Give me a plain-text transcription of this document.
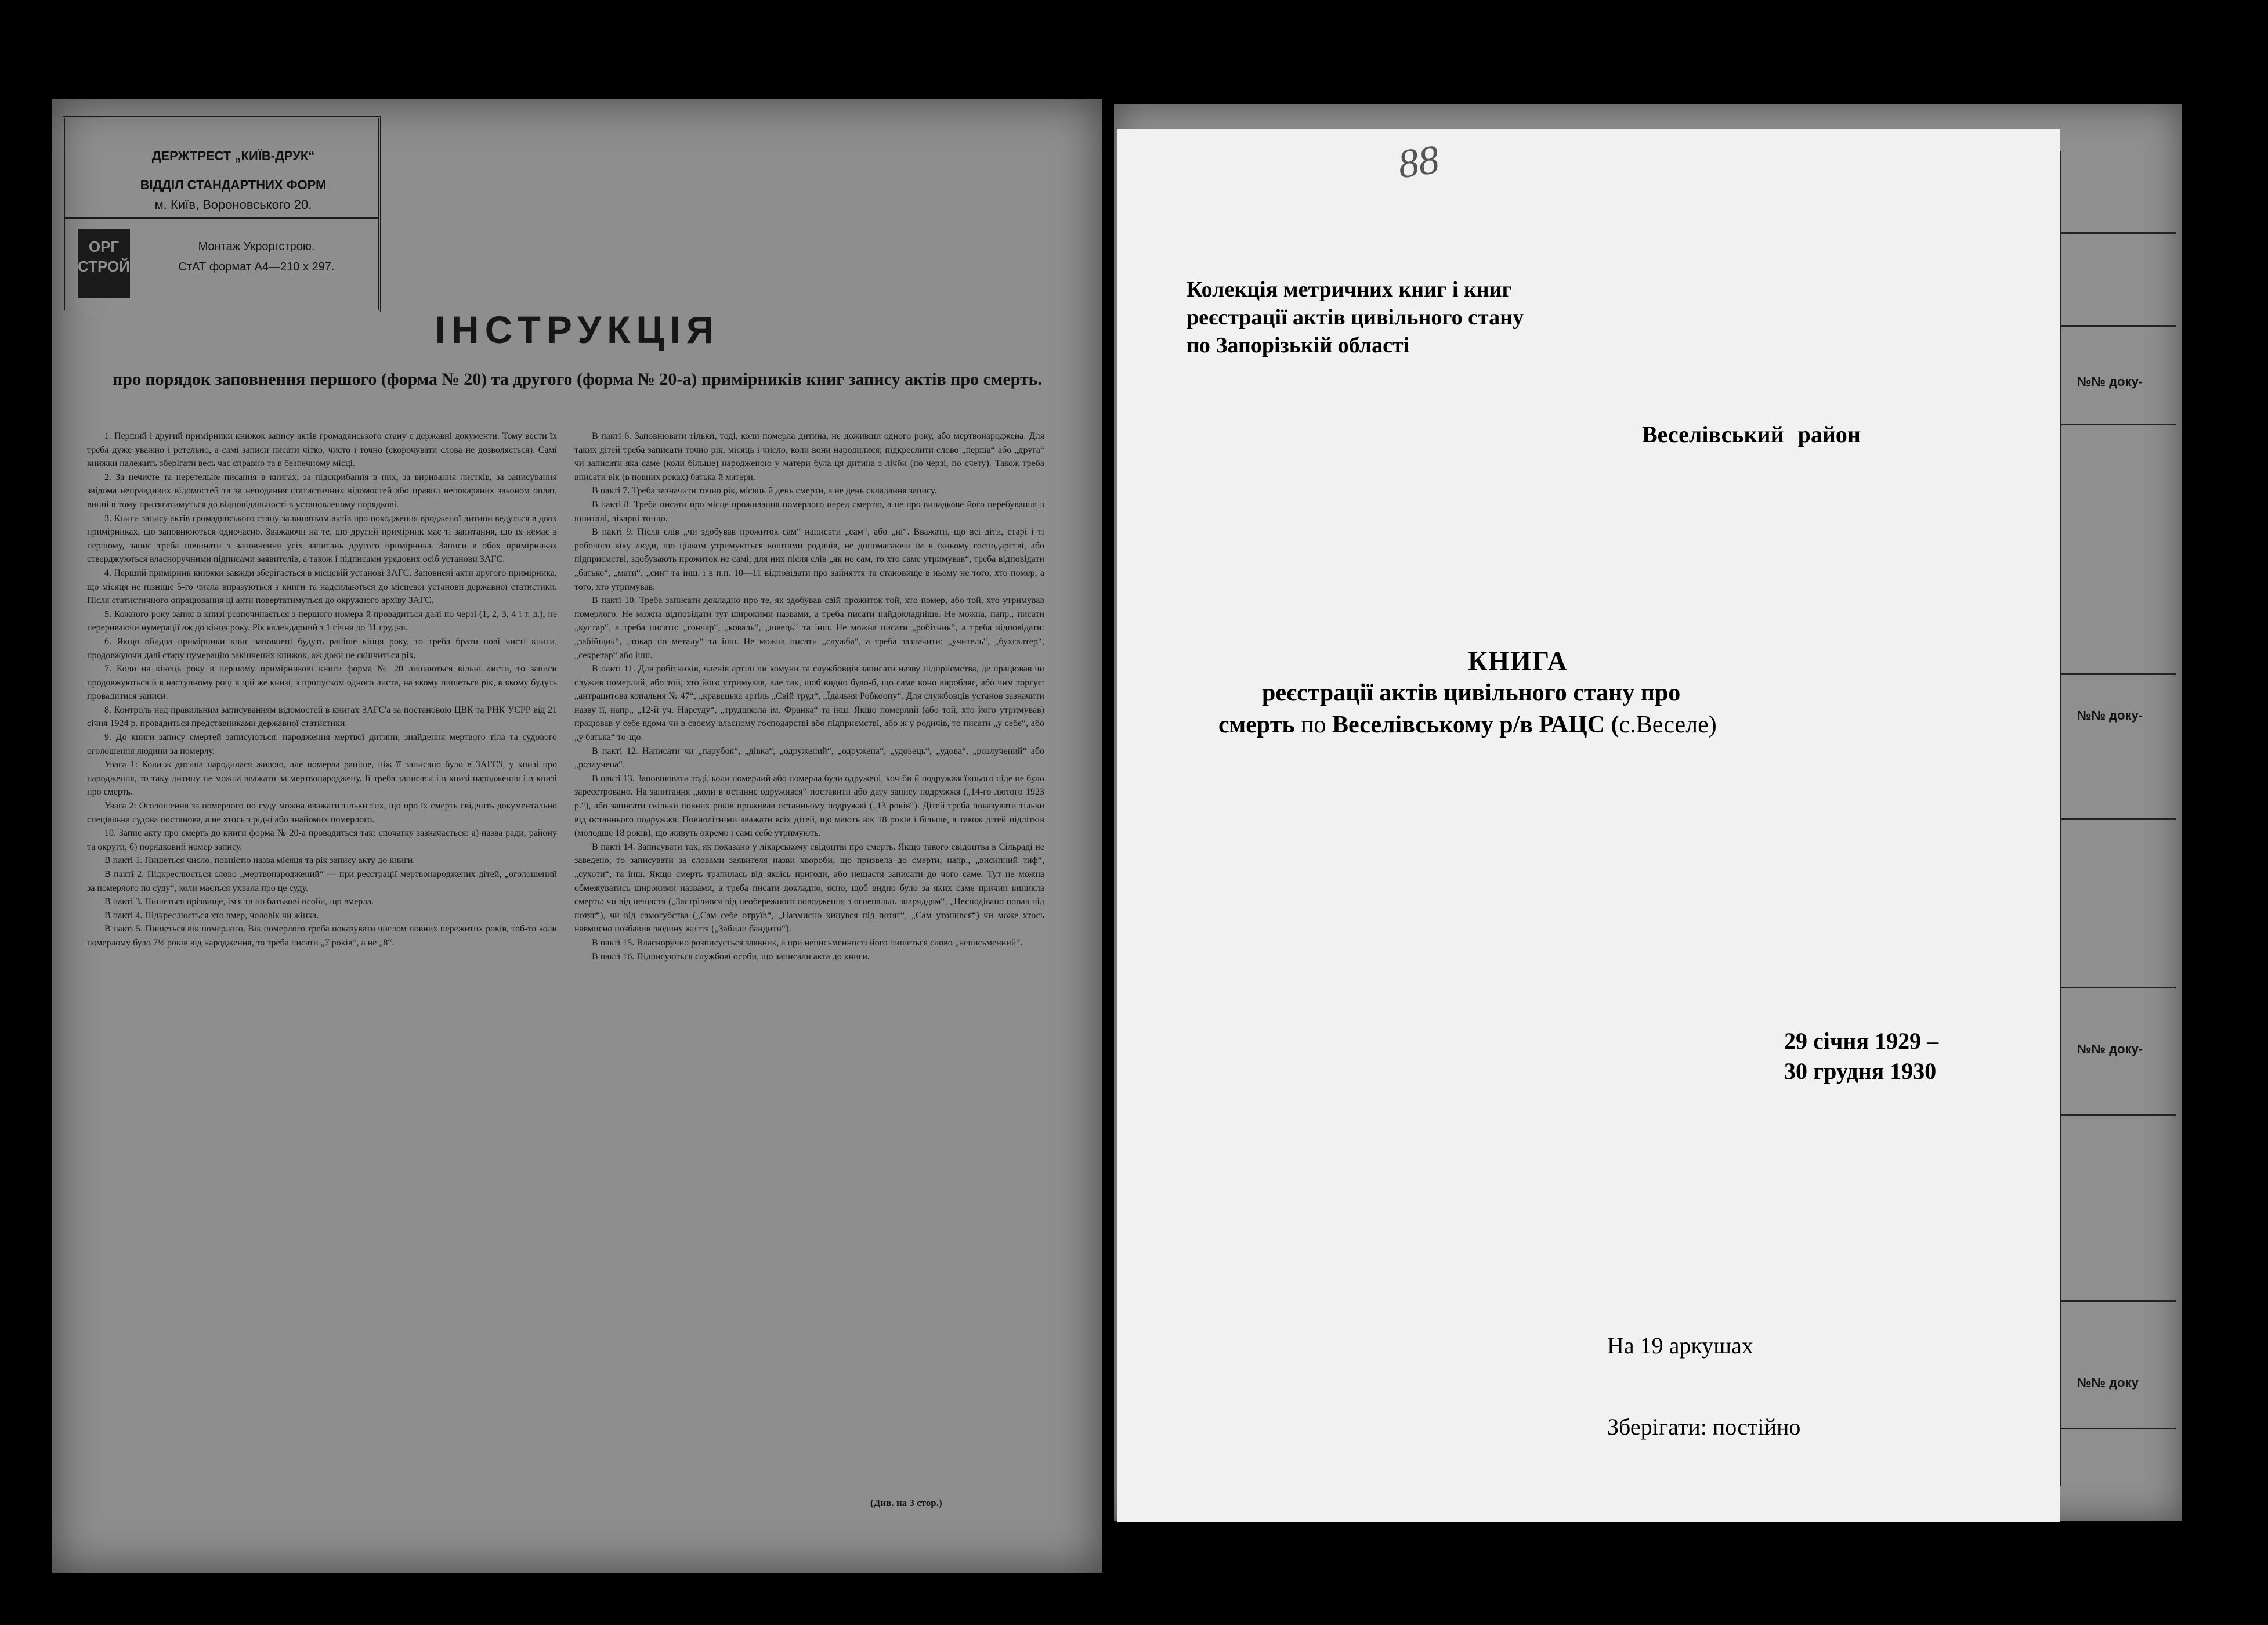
ДЕРЖТРЕСТ „КИЇВ-ДРУК“
ВІДДІЛ СТАНДАРТНИХ ФОРМ
м. Київ, Вороновського 20.
ОРГ СТРОЙ
Монтаж Укроргстрою.
СтАТ формат А4—210 х 297.
ІНСТРУКЦІЯ
про порядок заповнення першого (форма № 20) та другого (форма № 20-а) примірників книг запису актів про смерть.

1. Перший і другий примірники книжок запису актів громадянського стану є державні документи. Тому вести їх треба дуже уважно і ретельно, а самі записи писати чітко, чисто і точно (скорочувати слова не дозволяється). Самі книжки належить зберігати весь час справно та в безпечному місці.

2. За нечисте та неретельне писання в книгах, за підскрибання в них, за виривання листків, за записування звідома неправдивих відомостей та за неподання статистичних відомостей або правил непокараних законом оплат, винні в тому притягатимуться до відповідальності в установленому порядкові.

3. Книги запису актів громадянського стану за винятком актів про походження вродженої дитини ведуться в двох примірниках, що заповнюються одночасно. Зважаючи на те, що другий примірник має ті запитання, що їх немає в першому, запис треба починати з заповнення усіх запитань другого примірника. Записи в обох примірниках стверджуються власноручними підписами заявителів, а також і підписами урядових осіб установи ЗАГС.

4. Перший примірник книжки завжди зберігається в місцевій установі ЗАГС. Заповнені акти другого примірника, що місяця не пізніше 5-го числа виразуються з книги та надсилаються до місцевої установи державної статистики. Після статистичного опрацювання ці акти повертатимуться до окружного архіву ЗАГС.

5. Кожного року запис в книзі розпочинається з першого номера й провадиться далі по черзі (1, 2, 3, 4 і т. д.), не перериваючи нумерації аж до кінця року. Рік календарний з 1 січня до 31 грудня.

6. Якщо обидва примірники книг заповнені будуть раніше кінця року, то треба брати нові чисті книги, продовжуючи далі стару нумерацію закінчених книжок, аж доки не скінчиться рік.

7. Коли на кінець року в першому примірникові книги форма № 20 лишаються вільні листи, то записи продовжуються й в наступному році в цій же книзі, з пропуском одного листа, на якому пишеться рік, в якому будуть провадитися записи.

8. Контроль над правильним записуванням відомостей в книгах ЗАГС'а за постановою ЦВК та РНК УСРР від 21 січня 1924 р. провадиться представниками державної статистики.

9. До книги запису смертей записуються: народження мертвої дитини, знайдення мертвого тіла та судового оголошення людини за померлу.

Увага 1: Коли-ж дитина народилася живою, але померла раніше, ніж її записано було в ЗАГС'і, у книзі про народження, то таку дитину не можна вважати за мертвонароджену. Її треба записати і в книзі народження і в книзі про смерть.

Увага 2: Оголошення за померлого по суду можна вважати тільки тих, що про їх смерть свідчить документально спеціальна судова постанова, а не хтось з рідні або знайомих померлого.

10. Запис акту про смерть до книги форма № 20-а провадиться так: спочатку зазначається: а) назва ради, району та округи, б) порядковий номер запису.

В пакті 1. Пишеться число, повністю назва місяця та рік запису акту до книги.

В пакті 2. Підкреслюється слово „мертвонароджений“ — при реєстрації мертвонароджених дітей, „оголошений за померлого по суду“, коли мається ухвала про це суду.

В пакті 3. Пишеться прізвище, ім'я та по батькові особи, що вмерла.

В пакті 4. Підкреслюється хто вмер, чоловік чи жінка.

В пакті 5. Пишеться вік померлого. Вік померлого треба показувати числом повних пережитих років, тоб-то коли померлому було 7½ років від народження, то треба писати „7 років“, а не „8“.

В пакті 6. Заповнювати тільки, тоді, коли померла дитина, не доживши одного року, або мертвонароджена. Для таких дітей треба записати точно рік, місяць і число, коли вони народилися; підкреслити слово „перша“ або „друга“ чи записати яка саме (коли більше) народженою у матери була ця дитина з лічби (по черзі, по счету). Також треба вписати вік (в повних роках) батька й матери.

В пакті 7. Треба зазначити точно рік, місяць й день смерти, а не день складання запису.

В пакті 8. Треба писати про місце проживання померлого перед смертю, а не про випадкове його перебування в шпиталі, лікарні то-що.

В пакті 9. Після слів „чи здобував прожиток сам“ написати „сам“, або „ні“. Вважати, що всі діти, старі і ті робочого віку люди, що цілком утримуються коштами родичів, не допомагаючи їм в їхньому господарстві, або підприємстві, здобувають прожиток не самі; для них після слів „як не сам, то хто саме утримував“, треба відповідати „батько“, „мати“, „син“ та інш. і в п.п. 10—11 відповідати про зайняття та становище в ньому не того, хто помер, а того, хто утримував.

В пакті 10. Треба записати докладно про те, як здобував свій прожиток той, хто помер, або той, хто утримував померлого. Не можна відповідати тут широкими назвами, а треба писати найдокладніше. Не можна, напр., писати „кустар“, а треба писати: „гончар“, „коваль“, „швець“ та інш. Не можна писати „робітник“, а треба відповідати: „забійщик“, „токар по металу“ та інш. Не можна писати „служба“, а треба зазначити: „учитель“, „бухгалтер“, „секретар“ або інш.

В пакті 11. Для робітників, членів артілі чи комуни та службовців записати назву підприємства, де працював чи служив померлий, або той, хто його утримував, але так, щоб видно було-б, що саме воно виробляє, або чим торгує: „антрацитова копальня № 47“, „кравецька артіль „Свій труд“, „Їдальня Робкоопу“. Для службовців установ зазначити назву її, напр., „12-й уч. Нарсуду“, „трудшкола ім. Франка“ та інш. Якщо померлий (або той, хто його утримував) працював у себе вдома чи в своєму власному господарстві або підприємстві, або ж у родичів, то писати „у себе“, або „у батька“ то-що.

В пакті 12. Написати чи „парубок“, „дівка“, „одружений“, „одружена“, „удовець“, „удова“, „розлучений“ або „розлучена“.

В пакті 13. Заповнювати тоді, коли померлий або померла були одружені, хоч-би й подружжя їхнього ніде не було зареєстровано. На запитання „коли в останнє одружився“ поставити або дату запису подружжя („14-го лютого 1923 р.“), або записати скільки повних років проживав останньому подружжі („13 років“). Дітей треба показувати тільки від останнього подружжя. Повнолітніми вважати всіх дітей, що мають вік 18 років і більше, а також дітей підлітків (молодше 18 років), що живуть окремо і самі себе утримують.

В пакті 14. Записувати так, як показано у лікарському свідоцтві про смерть. Якщо такого свідоцтва в Сільраді не заведено, то записувати за словами заявителя назви хвороби, що призвела до смерти, напр., „висипний тиф“, „сухоти“, та інш. Якщо смерть трапилась від якоїсь пригоди, або нещастя записати до чого саме. Тут не можна обмежуватись широкими назвами, а треба писати докладно, ясно, щоб видно було за яких саме причин виникла смерть: чи від нещастя („Застрілився від необережного поводження з огнепальн. знаряддям“, „Несподівано попав під потяг“), чи від самогубства („Сам себе отруїв“, „Навмисно кинувся під потяг“, „Сам утопився“) чи може хтось навмисно позбавив людину життя („Забили бандити“).

В пакті 15. Власноручно розписується заявник, а при неписьменності його пишеться слово „неписьменний“.

В пакті 16. Підписуються службові особи, що записали акта до книги.

(Див. на 3 стор.)
№№ доку-
№№ доку-
№№ доку-
№№ доку
88
Колекція метричних книг і книг
реєстрації актів цивільного стану
по Запорізькій області
Веселівський район
КНИГА
реєстрації актів цивільного стану про
смерть по Веселівському р/в РАЦС (с.Веселе)
29 січня 1929 –
30 грудня 1930
На 19 аркушах
Зберігати: постійно
